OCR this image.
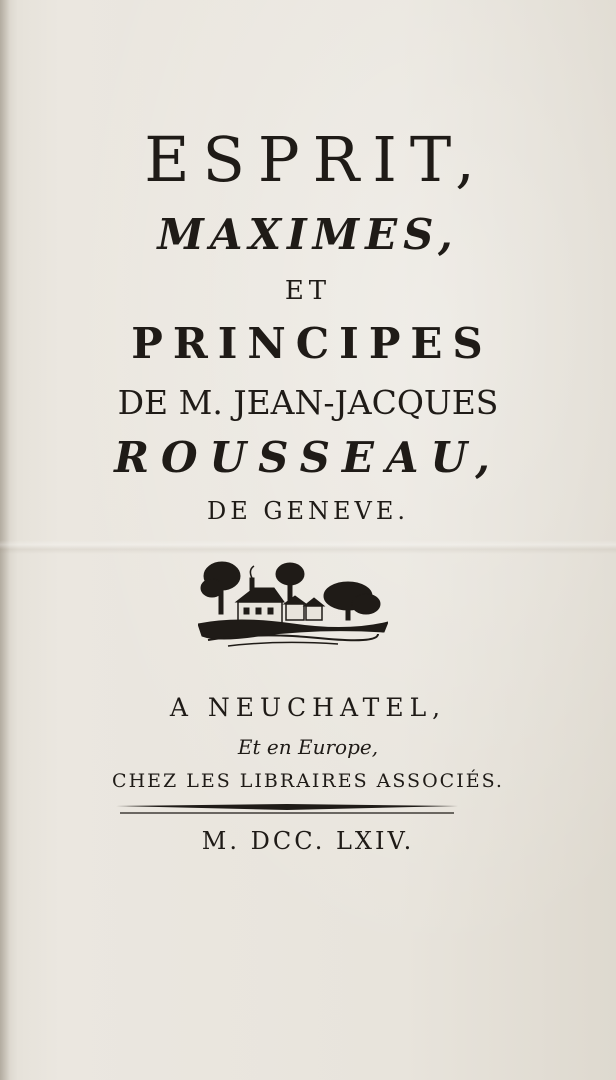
ESPRIT,
MAXIMES,
ET
PRINCIPES
DE M. JEAN-JACQUES
ROUSSEAU,
DE GENEVE.
A NEUCHATEL,
Et en Europe,
CHEZ LES LIBRAIRES ASSOCIÉS.
M. DCC. LXIV.
